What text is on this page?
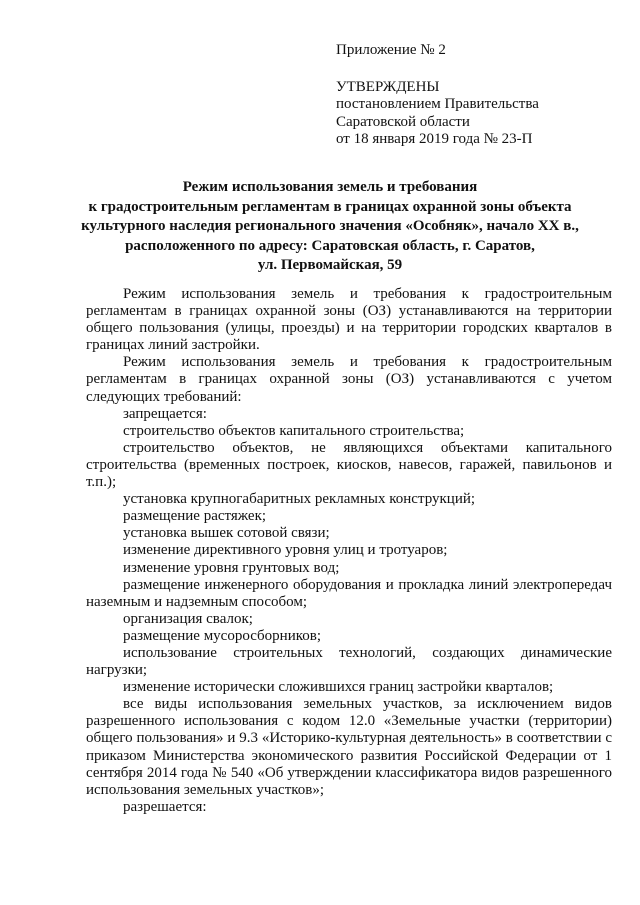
Приложение № 2
УТВЕРЖДЕНЫ
постановлением Правительства
Саратовской области
от 18 января 2019 года № 23-П
Режим использования земель и требования
к градостроительным регламентам в границах охранной зоны объекта
культурного наследия регионального значения «Особняк», начало XX в.,
расположенного по адресу: Саратовская область, г. Саратов,
ул. Первомайская, 59

Режим использования земель и требования к градостроительным регламентам в границах охранной зоны (ОЗ) устанавливаются на территории общего пользования (улицы, проезды) и на территории городских кварталов в границах линий застройки.

Режим использования земель и требования к градостроительным регламентам в границах охранной зоны (ОЗ) устанавливаются с учетом следующих требований:

запрещается:

строительство объектов капитального строительства;

строительство объектов, не являющихся объектами капитального строительства (временных построек, киосков, навесов, гаражей, павильонов и т.п.);

установка крупногабаритных рекламных конструкций;

размещение растяжек;

установка вышек сотовой связи;

изменение директивного уровня улиц и тротуаров;

изменение уровня грунтовых вод;

размещение инженерного оборудования и прокладка линий электропередач наземным и надземным способом;

организация свалок;

размещение мусоросборников;

использование строительных технологий, создающих динамические нагрузки;

изменение исторически сложившихся границ застройки кварталов;

все виды использования земельных участков, за исключением видов разрешенного использования с кодом 12.0 «Земельные участки (территории) общего пользования» и 9.3 «Историко-культурная деятельность» в соответствии с приказом Министерства экономического развития Российской Федерации от 1 сентября 2014 года № 540 «Об утверждении классификатора видов разрешенного использования земельных участков»;

разрешается:
